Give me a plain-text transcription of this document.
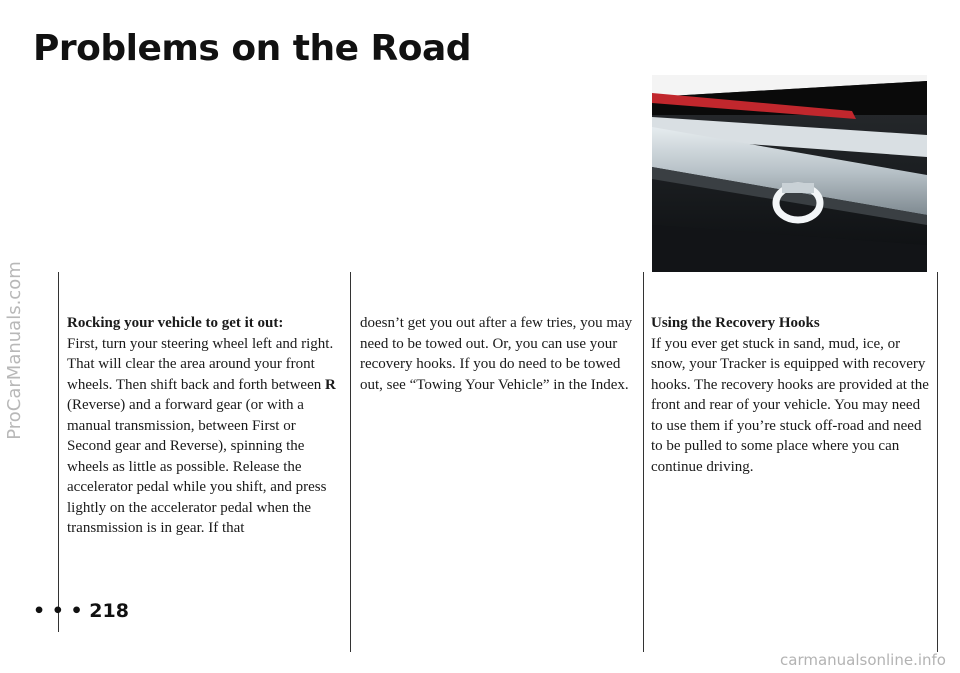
Problems on the Road
ProCarManuals.com	Rocking your vehicle to get it out:

First, turn your steering wheel left and right. That will clear the area around your front wheels. Then shift back and forth between R (Reverse) and a forward gear (or with a manual transmission, between First or Second gear and Reverse), spinning the wheels as little as possible. Release the accelerator pedal while you shift, and press lightly on the accelerator pedal when the transmission is in gear. If that

doesn’t get you out after a few tries, you may need to be towed out. Or, you can use your recovery hooks. If you do need to be towed out, see “Towing Your Vehicle” in the Index.

Using the Recovery Hooks

If you ever get stuck in sand, mud, ice, or snow, your Tracker is equipped with recovery hooks. The recovery hooks are provided at the front and rear of your vehicle. You may need to use them if you’re stuck off-road and need to be pulled to some place where you can continue driving.

• • • 218

carmanualsonline.info
